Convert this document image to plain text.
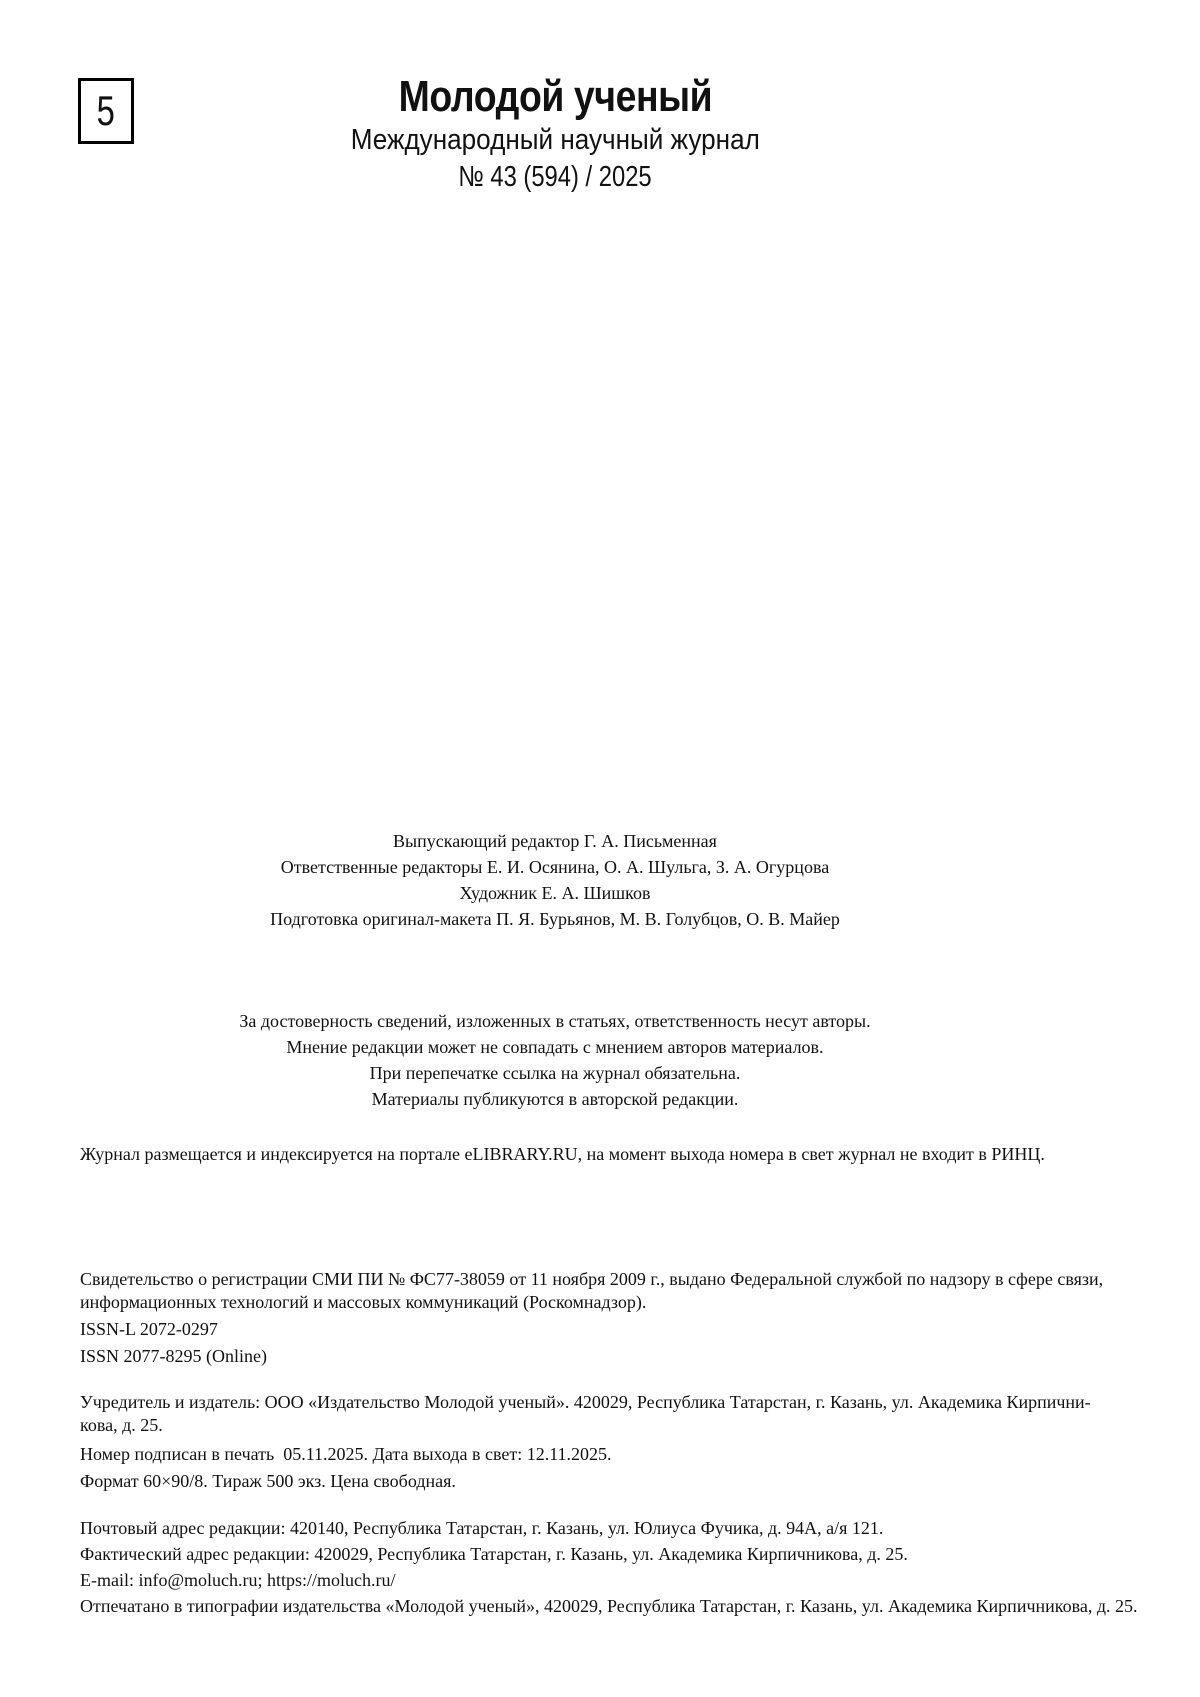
5	Молодой ученый
Международный научный журнал
№ 43 (594) / 2025
Выпускающий редактор Г. А. Письменная
Ответственные редакторы Е. И. Осянина, О. А. Шульга, З. А. Огурцова
Художник Е. А. Шишков
Подготовка оригинал-макета П. Я. Бурьянов, М. В. Голубцов, О. В. Майер
За достоверность сведений, изложенных в статьях, ответственность несут авторы.
Мнение редакции может не совпадать с мнением авторов материалов.
При перепечатке ссылка на журнал обязательна.
Материалы публикуются в авторской редакции.
Журнал размещается и индексируется на портале eLIBRARY.RU, на момент выхода номера в свет журнал не входит в РИНЦ.
Свидетельство о регистрации СМИ ПИ № ФС77-38059 от 11 ноября 2009 г., выдано Федеральной службой по надзору в сфере связи,
информационных технологий и массовых коммуникаций (Роскомнадзор).
ISSN-L 2072-0297
ISSN 2077-8295 (Online)
Учредитель и издатель: ООО «Издательство Молодой ученый». 420029, Республика Татарстан, г. Казань, ул. Академика Кирпични-
кова, д. 25.
Номер подписан в печать  05.11.2025. Дата выхода в свет: 12.11.2025.
Формат 60×90/8. Тираж 500 экз. Цена свободная.
Почтовый адрес редакции: 420140, Республика Татарстан, г. Казань, ул. Юлиуса Фучика, д. 94А, а/я 121.
Фактический адрес редакции: 420029, Республика Татарстан, г. Казань, ул. Академика Кирпичникова, д. 25.
E-mail: info@moluch.ru; https://moluch.ru/
Отпечатано в типографии издательства «Молодой ученый», 420029, Республика Татарстан, г. Казань, ул. Академика Кирпичникова, д. 25.
